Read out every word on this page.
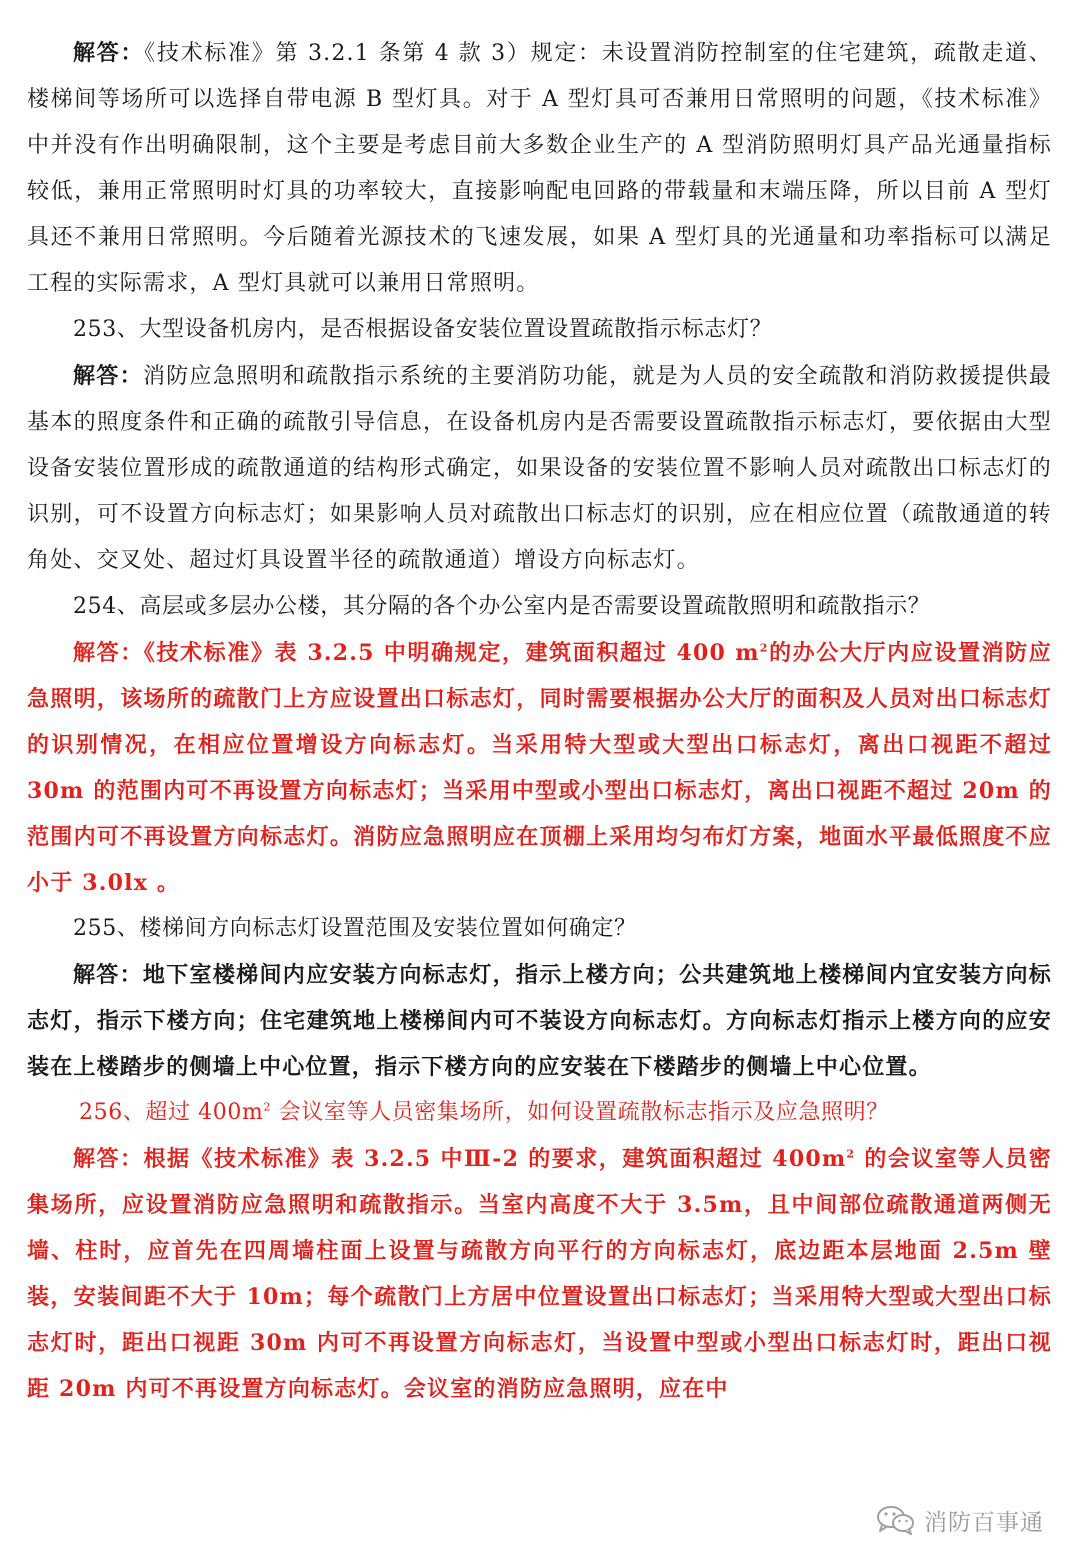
解答：《技术标准》第 3.2.1 条第 4 款 3）规定：未设置消防控制室的住宅建筑，疏散走道、楼梯间等场所可以选择自带电源 B 型灯具。对于 A 型灯具可否兼用日常照明的问题，《技术标准》中并没有作出明确限制，这个主要是考虑目前大多数企业生产的 A 型消防照明灯具产品光通量指标较低，兼用正常照明时灯具的功率较大，直接影响配电回路的带载量和末端压降，所以目前 A 型灯具还不兼用日常照明。今后随着光源技术的飞速发展，如果 A 型灯具的光通量和功率指标可以满足工程的实际需求，A 型灯具就可以兼用日常照明。

253、大型设备机房内，是否根据设备安装位置设置疏散指示标志灯？

解答：消防应急照明和疏散指示系统的主要消防功能，就是为人员的安全疏散和消防救援提供最基本的照度条件和正确的疏散引导信息，在设备机房内是否需要设置疏散指示标志灯，要依据由大型设备安装位置形成的疏散通道的结构形式确定，如果设备的安装位置不影响人员对疏散出口标志灯的识别，可不设置方向标志灯；如果影响人员对疏散出口标志灯的识别，应在相应位置（疏散通道的转角处、交叉处、超过灯具设置半径的疏散通道）增设方向标志灯。

254、高层或多层办公楼，其分隔的各个办公室内是否需要设置疏散照明和疏散指示？

解答：《技术标准》表 3.2.5 中明确规定，建筑面积超过 400 $m^2$的办公大厅内应设置消防应急照明，该场所的疏散门上方应设置出口标志灯，同时需要根据办公大厅的面积及人员对出口标志灯的识别情况，在相应位置增设方向标志灯。当采用特大型或大型出口标志灯，离出口视距不超过 30m 的范围内可不再设置方向标志灯；当采用中型或小型出口标志灯，离出口视距不超过 20m 的范围内可不再设置方向标志灯。消防应急照明应在顶棚上采用均匀布灯方案，地面水平最低照度不应小于 3.0lx 。

255、楼梯间方向标志灯设置范围及安装位置如何确定？

解答：地下室楼梯间内应安装方向标志灯，指示上楼方向；公共建筑地上楼梯间内宜安装方向标志灯，指示下楼方向；住宅建筑地上楼梯间内可不装设方向标志灯。方向标志灯指示上楼方向的应安装在上楼踏步的侧墙上中心位置，指示下楼方向的应安装在下楼踏步的侧墙上中心位置。

256、超过 $400m^2$ 会议室等人员密集场所，如何设置疏散标志指示及应急照明？

解答：根据《技术标准》表 3.2.5 中Ⅲ-2 的要求，建筑面积超过 $400m^2$ 的会议室等人员密集场所，应设置消防应急照明和疏散指示。当室内高度不大于 3.5m，且中间部位疏散通道两侧无墙、柱时，应首先在四周墙柱面上设置与疏散方向平行的方向标志灯，底边距本层地面 2.5m 壁装，安装间距不大于 10m；每个疏散门上方居中位置设置出口标志灯；当采用特大型或大型出口标志灯时，距出口视距 30m 内可不再设置方向标志灯，当设置中型或小型出口标志灯时，距出口视距 20m 内可不再设置方向标志灯。会议室的消防应急照明，应在中

消防百事通
